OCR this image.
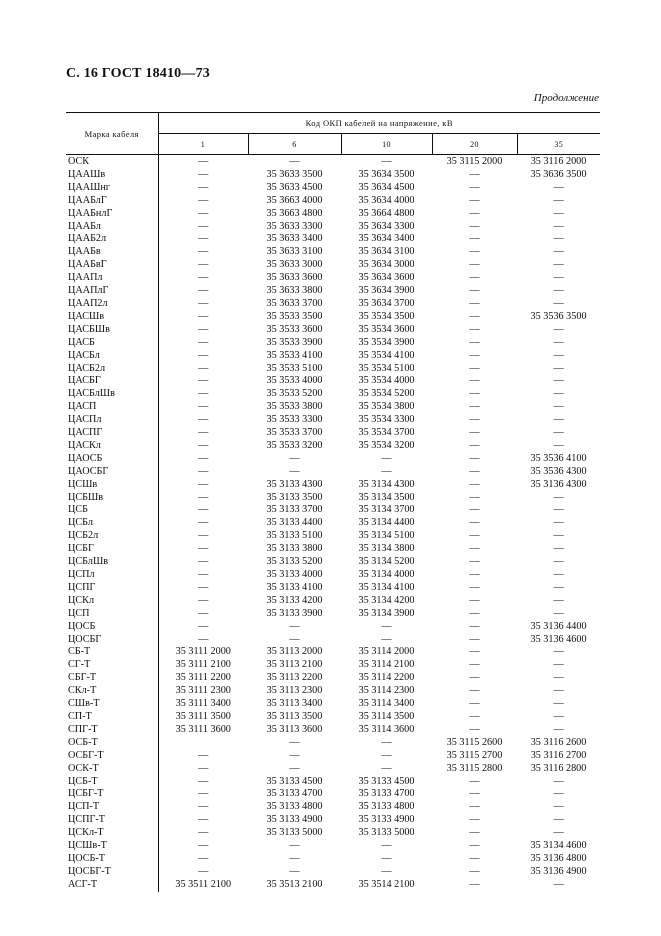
С. 16 ГОСТ 18410—73
Продолжение
Марка кабеля	Код ОКП кабелей на напряжение, кВ				
	1	6	10	20	35
ОСК	—	—	—	35 3115 2000	35 3116 2000
ЦААШв	—	35 3633 3500	35 3634 3500	—	35 3636 3500
ЦААШнг	—	35 3633 4500	35 3634 4500	—	—
ЦААБлГ	—	35 3663 4000	35 3634 4000	—	—
ЦААБнлГ	—	35 3663 4800	35 3664 4800	—	—
ЦААБл	—	35 3633 3300	35 3634 3300	—	—
ЦААБ2л	—	35 3633 3400	35 3634 3400	—	—
ЦААБв	—	35 3633 3100	35 3634 3100	—	—
ЦААБвГ	—	35 3633 3000	35 3634 3000	—	—
ЦААПл	—	35 3633 3600	35 3634 3600	—	—
ЦААПлГ	—	35 3633 3800	35 3634 3900	—	—
ЦААП2л	—	35 3633 3700	35 3634 3700	—	—
ЦАСШв	—	35 3533 3500	35 3534 3500	—	35 3536 3500
ЦАСБШв	—	35 3533 3600	35 3534 3600	—	—
ЦАСБ	—	35 3533 3900	35 3534 3900	—	—
ЦАСБл	—	35 3533 4100	35 3534 4100	—	—
ЦАСБ2л	—	35 3533 5100	35 3534 5100	—	—
ЦАСБГ	—	35 3533 4000	35 3534 4000	—	—
ЦАСБлШв	—	35 3533 5200	35 3534 5200	—	—
ЦАСП	—	35 3533 3800	35 3534 3800	—	—
ЦАСПл	—	35 3533 3300	35 3534 3300	—	—
ЦАСПГ	—	35 3533 3700	35 3534 3700	—	—
ЦАСКл	—	35 3533 3200	35 3534 3200	—	—
ЦАОСБ	—	—	—	—	35 3536 4100
ЦАОСБГ	—	—	—	—	35 3536 4300
ЦСШв	—	35 3133 4300	35 3134 4300	—	35 3136 4300
ЦСБШв	—	35 3133 3500	35 3134 3500	—	—
ЦСБ	—	35 3133 3700	35 3134 3700	—	—
ЦСБл	—	35 3133 4400	35 3134 4400	—	—
ЦСБ2л	—	35 3133 5100	35 3134 5100	—	—
ЦСБГ	—	35 3133 3800	35 3134 3800	—	—
ЦСБлШв	—	35 3133 5200	35 3134 5200	—	—
ЦСПл	—	35 3133 4000	35 3134 4000	—	—
ЦСПГ	—	35 3133 4100	35 3134 4100	—	—
ЦСКл	—	35 3133 4200	35 3134 4200	—	—
ЦСП	—	35 3133 3900	35 3134 3900	—	—
ЦОСБ	—	—	—	—	35 3136 4400
ЦОСБГ	—	—	—	—	35 3136 4600
СБ-Т	35 3111 2000	35 3113 2000	35 3114 2000	—	—
СГ-Т	35 3111 2100	35 3113 2100	35 3114 2100	—	—
СБГ-Т	35 3111 2200	35 3113 2200	35 3114 2200	—	—
СКл-Т	35 3111 2300	35 3113 2300	35 3114 2300	—	—
СШв-Т	35 3111 3400	35 3113 3400	35 3114 3400	—	—
СП-Т	35 3111 3500	35 3113 3500	35 3114 3500	—	—
СПГ-Т	35 3111 3600	35 3113 3600	35 3114 3600	—	—
ОСБ-Т		—	—	35 3115 2600	35 3116 2600
ОСБГ-Т	—	—	—	35 3115 2700	35 3116 2700
ОСК-Т	—	—	—	35 3115 2800	35 3116 2800
ЦСБ-Т	—	35 3133 4500	35 3133 4500	—	—
ЦСБГ-Т	—	35 3133 4700	35 3133 4700	—	—
ЦСП-Т	—	35 3133 4800	35 3133 4800	—	—
ЦСПГ-Т	—	35 3133 4900	35 3133 4900	—	—
ЦСКл-Т	—	35 3133 5000	35 3133 5000	—	—
ЦСШв-Т	—	—	—	—	35 3134 4600
ЦОСБ-Т	—	—	—	—	35 3136 4800
ЦОСБГ-Т	—	—	—	—	35 3136 4900
АСГ-Т	35 3511 2100	35 3513 2100	35 3514 2100	—	—
